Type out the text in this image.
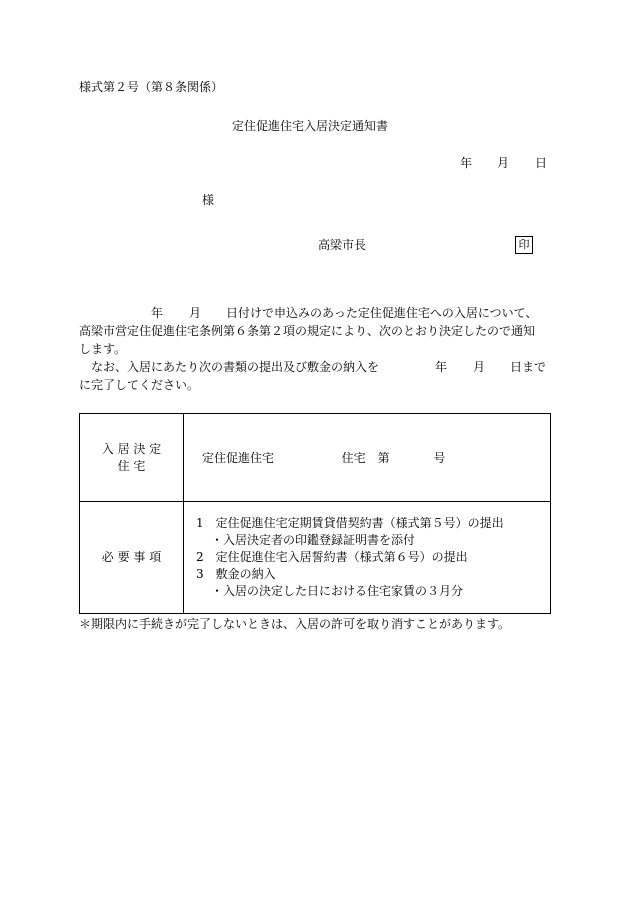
様式第２号（第８条関係）
定住促進住宅入居決定通知書
年 月 日
様
高梁市長	印
年 月 日付けで申込みのあった定住促進住宅への入居について、
高梁市営定住促進住宅条例第６条第２項の規定により、次のとおり決定したので通知
します。
なお、入居にあたり次の書類の提出及び敷金の納入を	年 月 日まで
に完了してください。
入 居 決 定
住 宅	定住促進住宅 住宅　第 号
必 要 事 項	1　定住促進住宅定期賃貸借契約書（様式第５号）の提出
・入居決定者の印鑑登録証明書を添付
2　定住促進住宅入居誓約書（様式第６号）の提出
3　敷金の納入
・入居の決定した日における住宅家賃の３月分
＊期限内に手続きが完了しないときは、入居の許可を取り消すことがあります。
